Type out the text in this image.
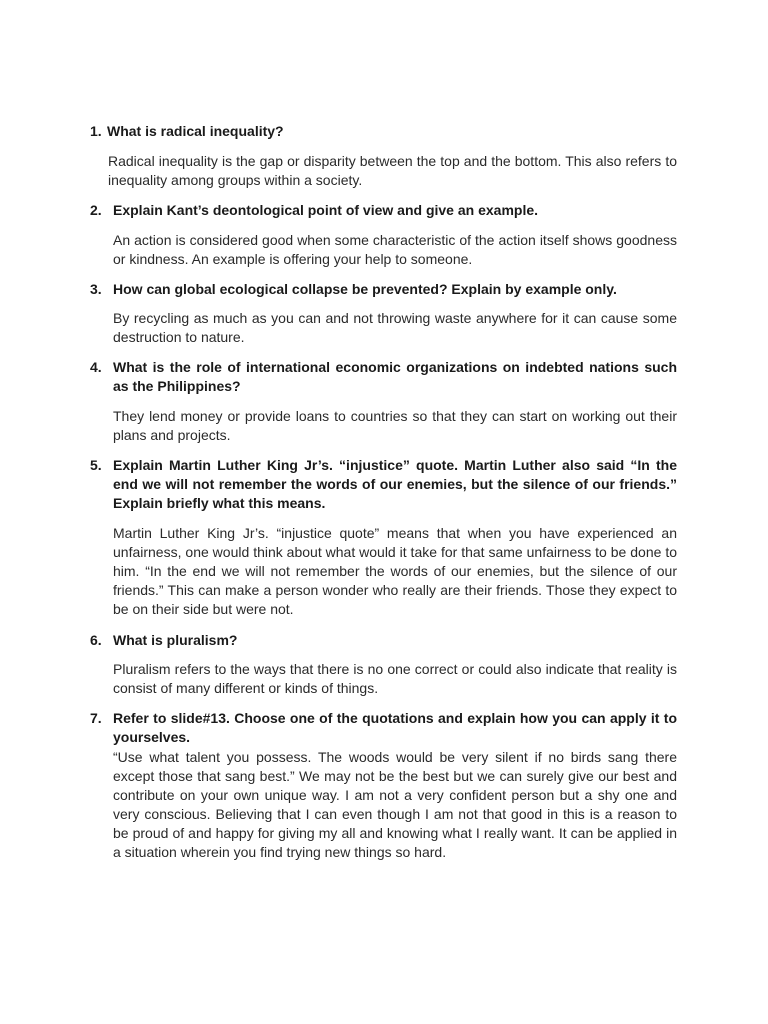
1. What is radical inequality?

Radical inequality is the gap or disparity between the top and the bottom. This also refers to inequality among groups within a society.

2. Explain Kant’s deontological point of view and give an example.

An action is considered good when some characteristic of the action itself shows goodness or kindness. An example is offering your help to someone.

3. How can global ecological collapse be prevented? Explain by example only.

By recycling as much as you can and not throwing waste anywhere for it can cause some destruction to nature.

4. What is the role of international economic organizations on indebted nations such as the Philippines?

They lend money or provide loans to countries so that they can start on working out their plans and projects.

5. Explain Martin Luther King Jr’s. “injustice” quote. Martin Luther also said “In the end we will not remember the words of our enemies, but the silence of our friends.” Explain briefly what this means.

Martin Luther King Jr’s. “injustice quote” means that when you have experienced an unfairness, one would think about what would it take for that same unfairness to be done to him. “In the end we will not remember the words of our enemies, but the silence of our friends.” This can make a person wonder who really are their friends. Those they expect to be on their side but were not.

6. What is pluralism?

Pluralism refers to the ways that there is no one correct or could also indicate that reality is consist of many different or kinds of things.

7. Refer to slide#13. Choose one of the quotations and explain how you can apply it to yourselves.

“Use what talent you possess. The woods would be very silent if no birds sang there except those that sang best.” We may not be the best but we can surely give our best and contribute on your own unique way. I am not a very confident person but a shy one and very conscious. Believing that I can even though I am not that good in this is a reason to be proud of and happy for giving my all and knowing what I really want. It can be applied in a situation wherein you find trying new things so hard.
